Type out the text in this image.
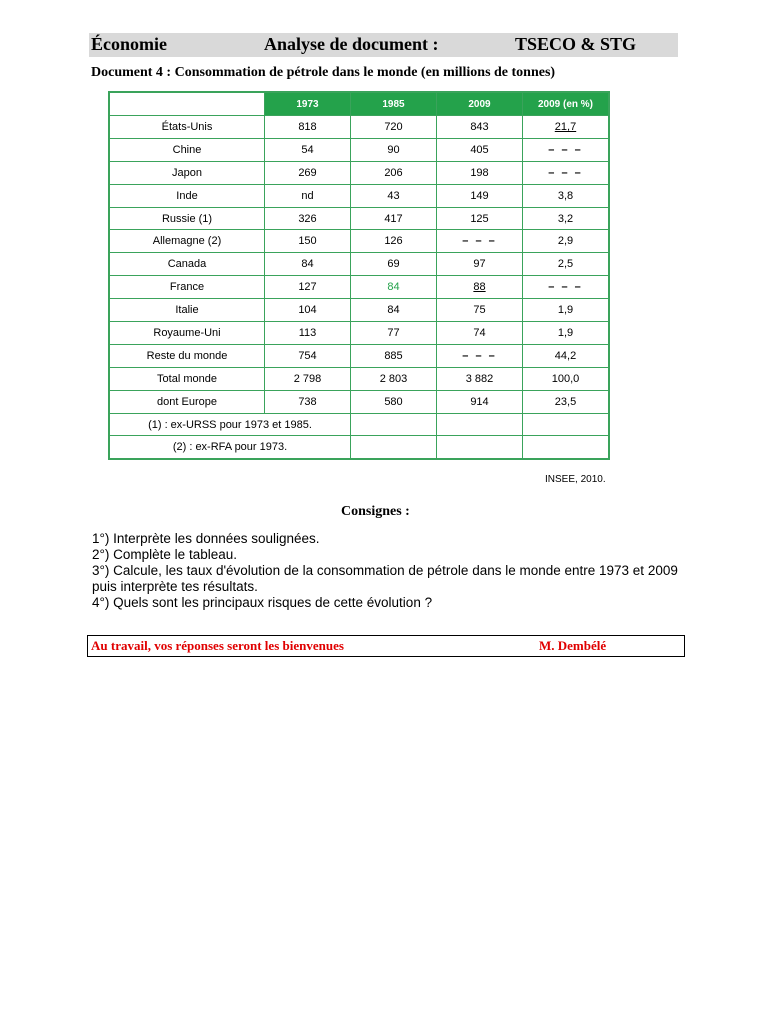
Économie	Analyse de document :	TSECO & STG
Document 4 : Consommation de pétrole dans le monde (en millions de tonnes)
	1973	1985	2009	2009 (en %)
États-Unis	818	720	843	21,7
Chine	54	90	405	– – –
Japon	269	206	198	– – –
Inde	nd	43	149	3,8
Russie (1)	326	417	125	3,2
Allemagne (2)	150	126	– – –	2,9
Canada	84	69	97	2,5
France	127	84	88	– – –
Italie	104	84	75	1,9
Royaume-Uni	113	77	74	1,9
Reste du monde	754	885	– – –	44,2
Total monde	2 798	2 803	3 882	100,0
dont Europe	738	580	914	23,5
(1) : ex-URSS pour 1973 et 1985.				
(2) : ex-RFA pour 1973.				
INSEE, 2010.
Consignes :
1°) Interprète les données soulignées.
2°) Complète le tableau.
3°) Calcule, les taux d'évolution de la consommation de pétrole dans le monde entre 1973 et 2009 puis interprète tes résultats.
4°) Quels sont les principaux risques de cette évolution ?
Au travail, vos réponses seront les bienvenues	M. Dembélé
